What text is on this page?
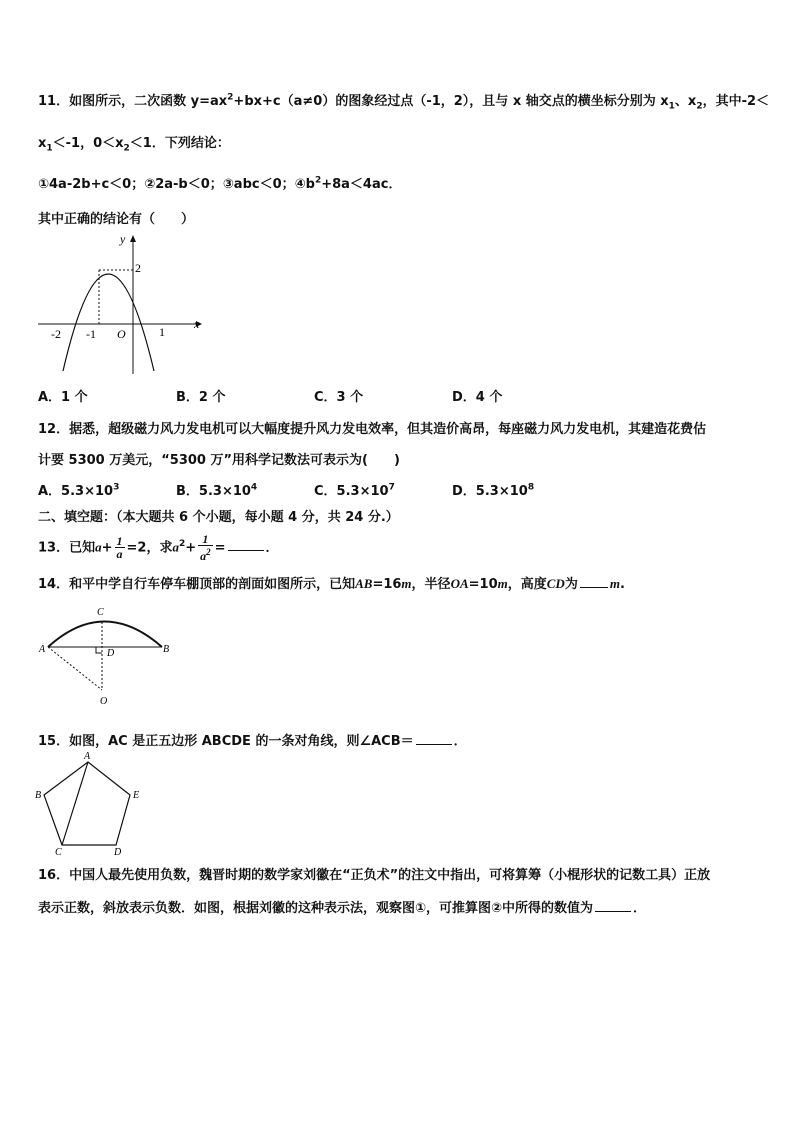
11．如图所示，二次函数 $y=ax^2+bx+c(a\ne 0)$的图象经过点（-1，2），且与 x 轴交点的横坐标分别为 $x_1$、$x_2$，其中-2＜
$x_1<-1$，$0<x_2<1$．下列结论：
①4a-2b+c＜0；②2a-b＜0；③abc＜0；$④b^2+8a<4ac$．
其中正确的结论有（　　）
y
x
O
-2 -1	1
2
A．1 个	B．2 个	C．3 个	D．4 个
12．据悉，超级磁力风力发电机可以大幅度提升风力发电效率，但其造价高昂，每座磁力风力发电机，其建造花费估
计要 5300 万美元，“5300 万”用科学记数法可表示为(　　)
A．$5.3\times 10^3$	B．$5.3\times 10^4$	C．$5.3\times 10^7$	D．$5.3\times 10^8$
二、填空题：（本大题共 6 个小题，每小题 4 分，共 24 分.）
13．已知$a+ \frac{1}{a} =2$，求$a^2+ \frac{1}{a^2}$ =	．
14．和平中学自行车停车棚顶部的剖面如图所示，已知AB=16m，半径OA=10m，高度CD为 m.
A	B
C
D
O
15．如图，AC 是正五边形 ABCDE 的一条对角线，则∠ACB＝	．
A
B
C	D
E
16．中国人最先使用负数，魏晋时期的数学家刘徽在“正负术”的注文中指出，可将算筹（小棍形状的记数工具）正放
表示正数，斜放表示负数．如图，根据刘徽的这种表示法，观察图①，可推算图②中所得的数值为	．
